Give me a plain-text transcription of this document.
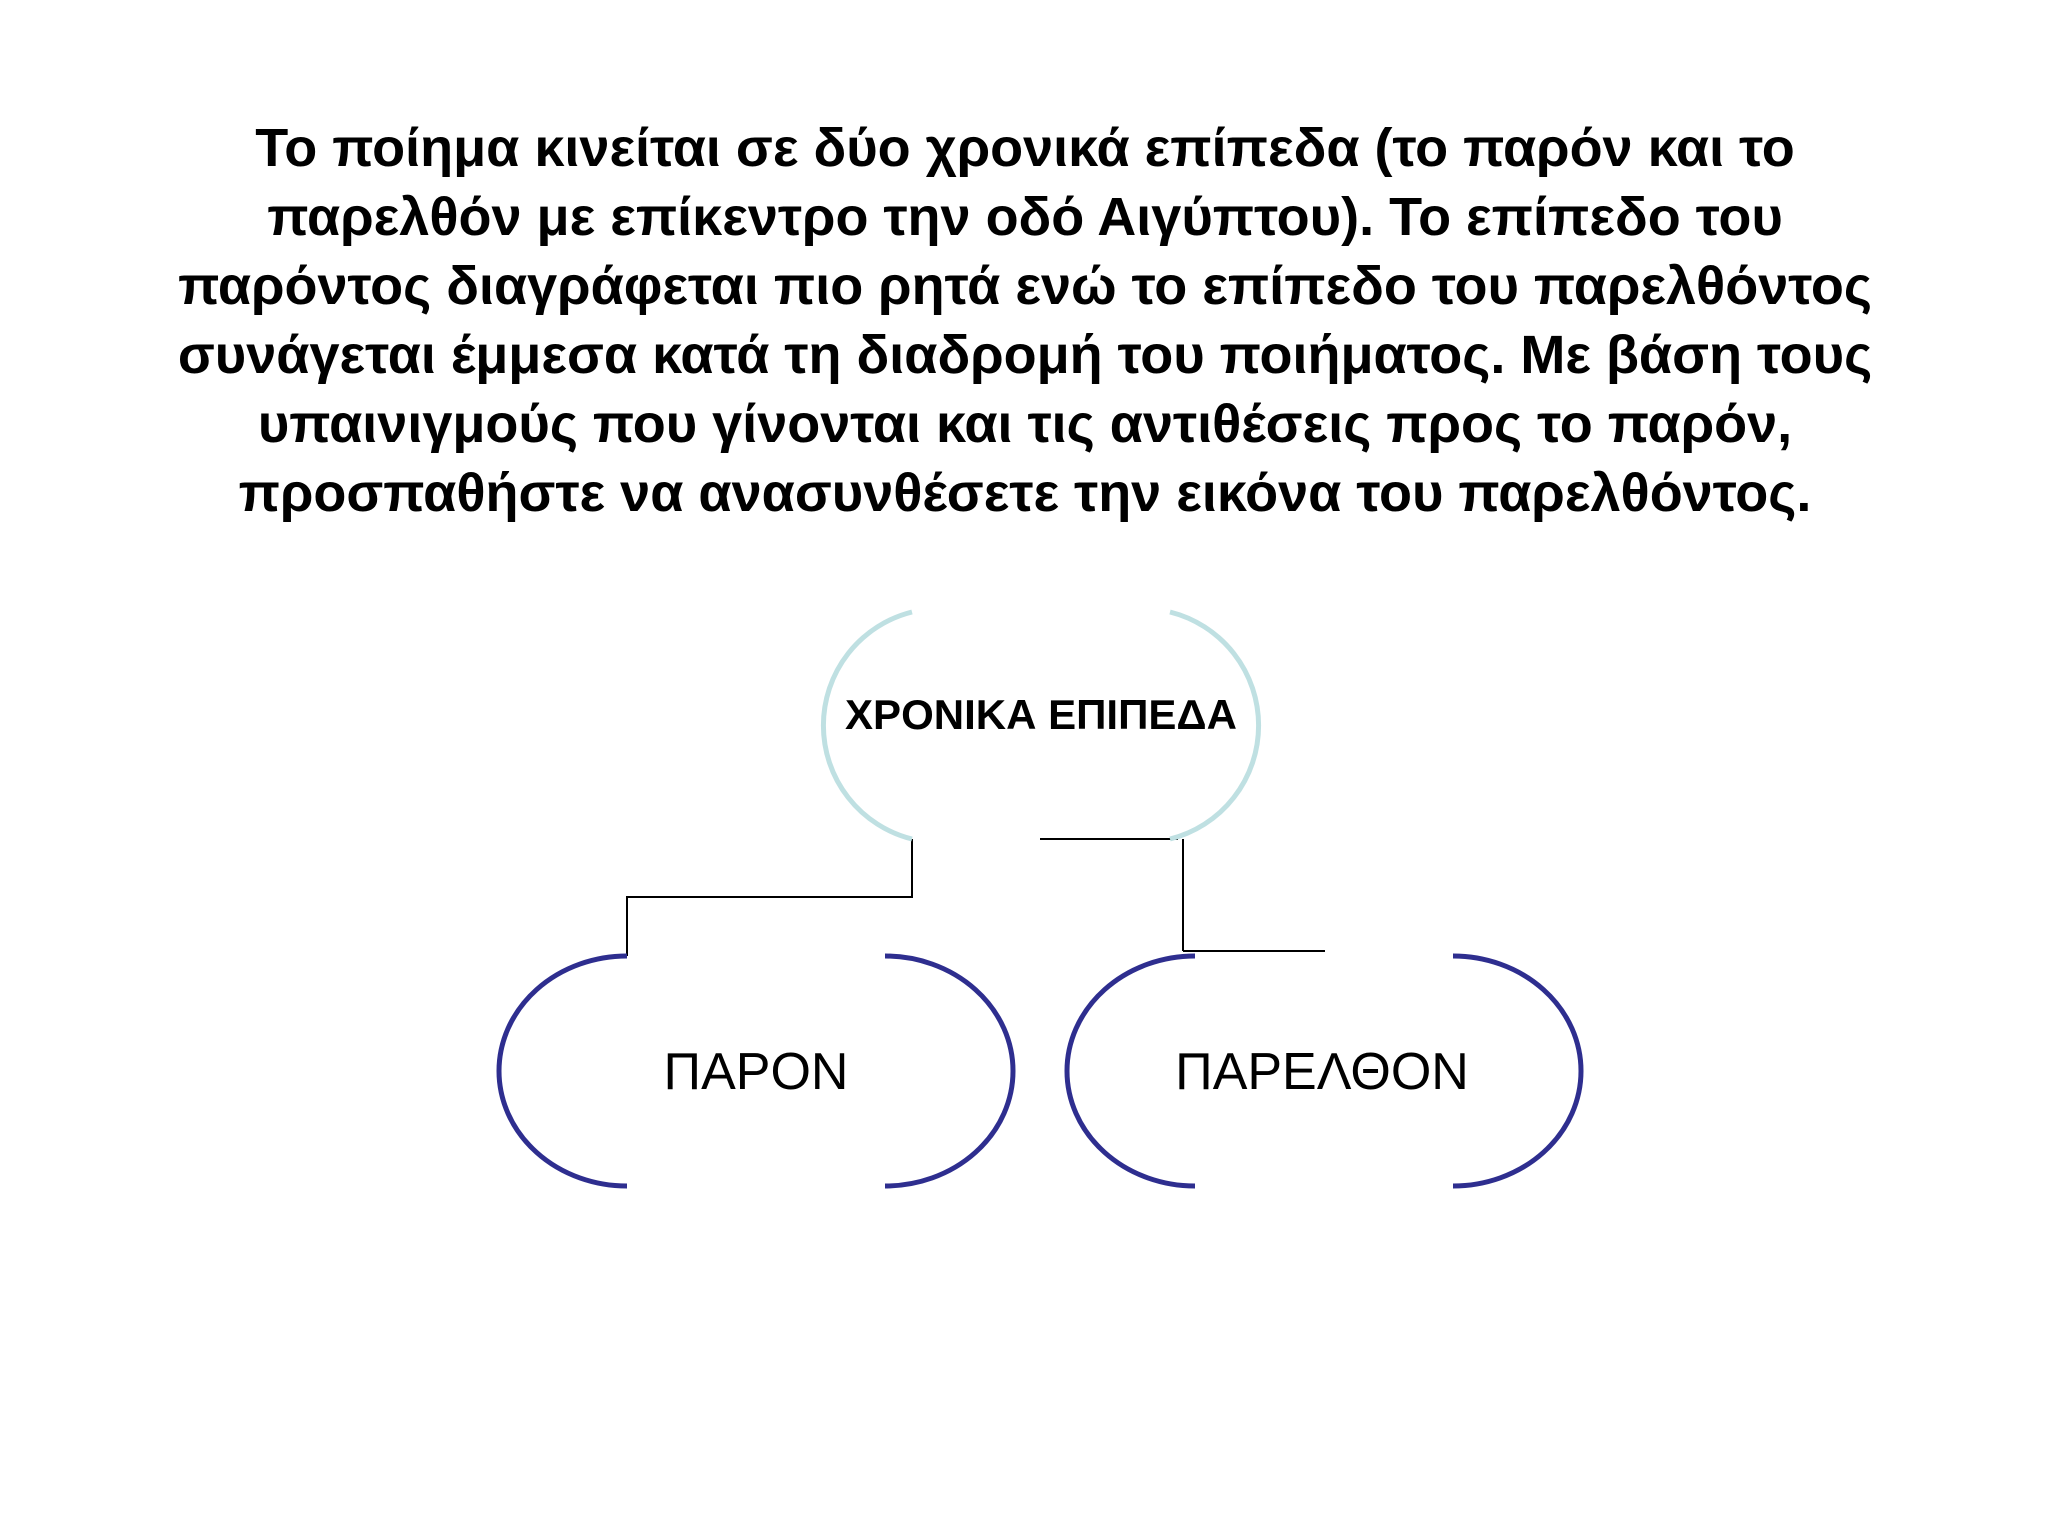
Το ποίημα κινείται σε δύο χρονικά επίπεδα (το παρόν και το
παρελθόν με επίκεντρο την οδό Αιγύπτου). Το επίπεδο του
παρόντος διαγράφεται πιο ρητά ενώ το επίπεδο του παρελθόντος
συνάγεται έμμεσα κατά τη διαδρομή του ποιήματος. Με βάση τους
υπαινιγμούς που γίνονται και τις αντιθέσεις προς το παρόν,
προσπαθήστε να ανασυνθέσετε την εικόνα του παρελθόντος.

ΧΡΟΝΙΚΑ ΕΠΙΠΕΔΑ
ΠΑΡΟΝ	ΠΑΡΕΛΘΟΝ
